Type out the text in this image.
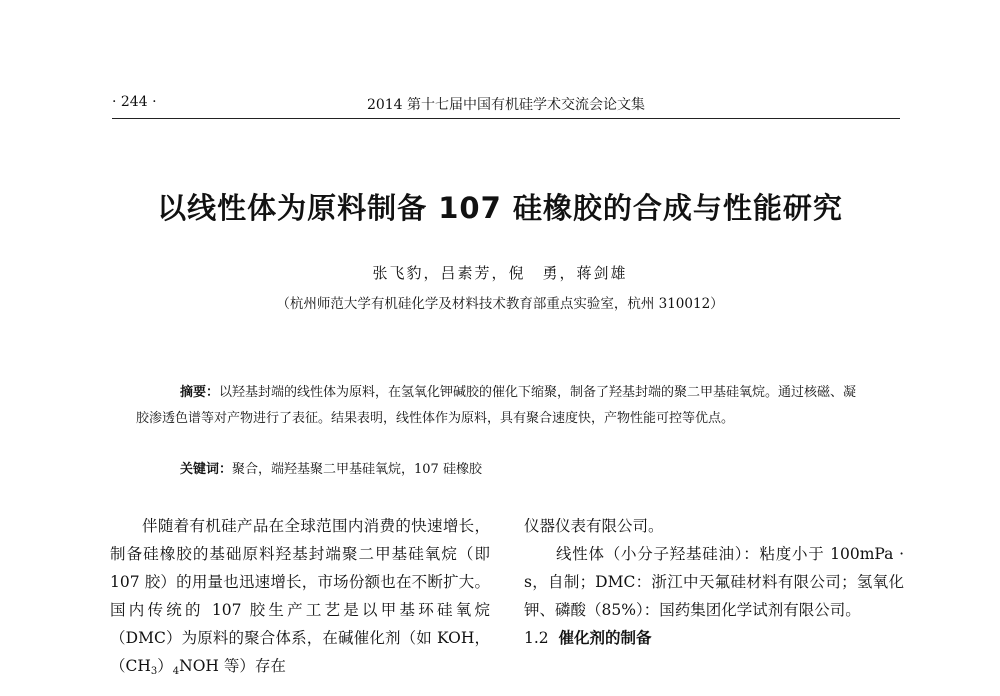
· 244 ·	2014 第十七届中国有机硅学术交流会论文集
以线性体为原料制备 107 硅橡胶的合成与性能研究
张飞豹，吕素芳，倪　勇，蒋剑雄
（杭州师范大学有机硅化学及材料技术教育部重点实验室，杭州 310012）

摘要：以羟基封端的线性体为原料，在氢氧化钾碱胶的催化下缩聚，制备了羟基封端的聚二甲基硅氧烷。通过核磁、凝胶渗透色谱等对产物进行了表征。结果表明，线性体作为原料，具有聚合速度快，产物性能可控等优点。

关键词：聚合，端羟基聚二甲基硅氧烷，107 硅橡胶

伴随着有机硅产品在全球范围内消费的快速增长，制备硅橡胶的基础原料羟基封端聚二甲基硅氧烷（即 107 胶）的用量也迅速增长，市场份额也在不断扩大。国内传统的 107 胶生产工艺是以甲基环硅氧烷（DMC）为原料的聚合体系，在碱催化剂（如 KOH，$(CH_3)_4NOH$ 等）存在

仪器仪表有限公司。

线性体（小分子羟基硅油）：粘度小于 100mPa · s，自制；DMC：浙江中天氟硅材料有限公司；氢氧化钾、磷酸（85%）：国药集团化学试剂有限公司。

1.2 催化剂的制备
